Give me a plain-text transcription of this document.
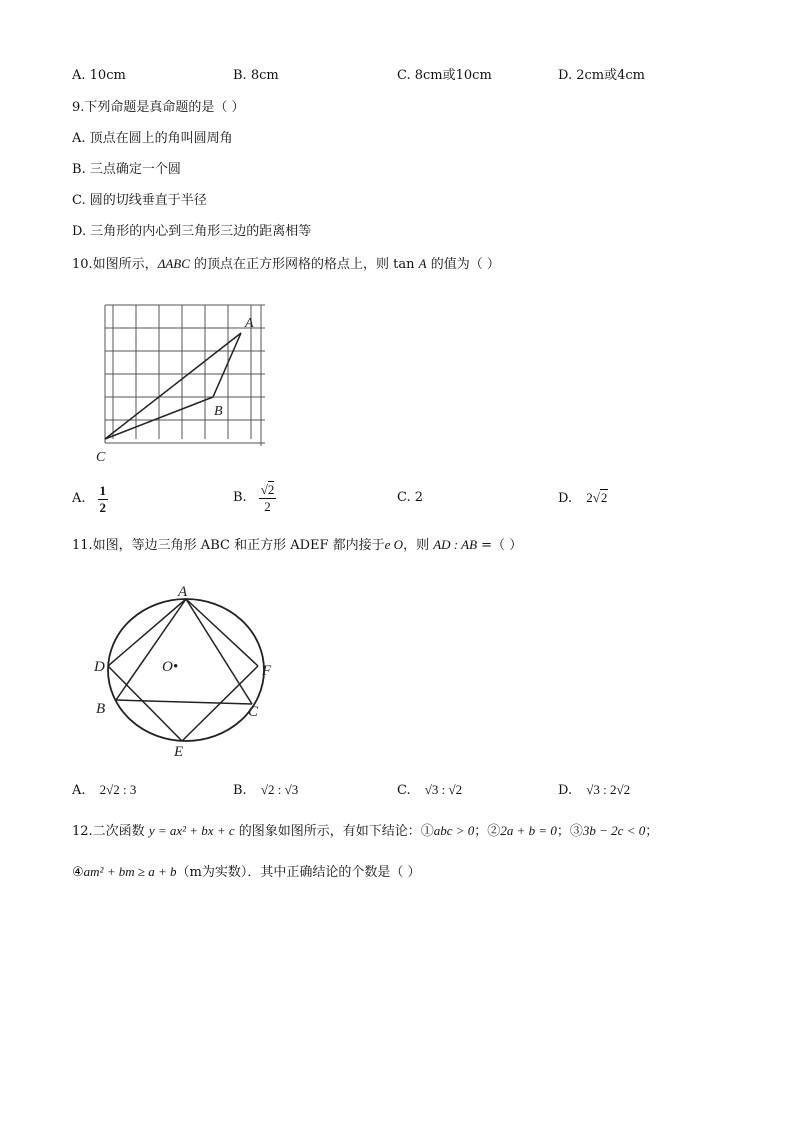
A. 10cm	B. 8cm	C. 8cm或10cm	D. 2cm或4cm
9.下列命题是真命题的是（ ）
A. 顶点在圆上的角叫圆周角
B. 三点确定一个圆
C. 圆的切线垂直于半径
D. 三角形的内心到三角形三边的距离相等
10.如图所示，ΔABC 的顶点在正方形网格的格点上，则 tan A 的值为（ ）
A
B
C
A. $\frac{1}{2}$	B. $\frac{√2}{2}$	C. 2	D. 2√2
11.如图，等边三角形 ABC 和正方形 ADEF 都内接于e O，则 AD : AB =（ ）
A
D	F
B	C
E
O•
A. 2√2 : 3	B. √2 : √3	C. √3 : √2	D. √3 : 2√2
12.二次函数 y = ax² + bx + c 的图象如图所示，有如下结论：①abc > 0；②2a + b = 0；③3b − 2c < 0；
④am² + bm ≥ a + b（m为实数）．其中正确结论的个数是（ ）
